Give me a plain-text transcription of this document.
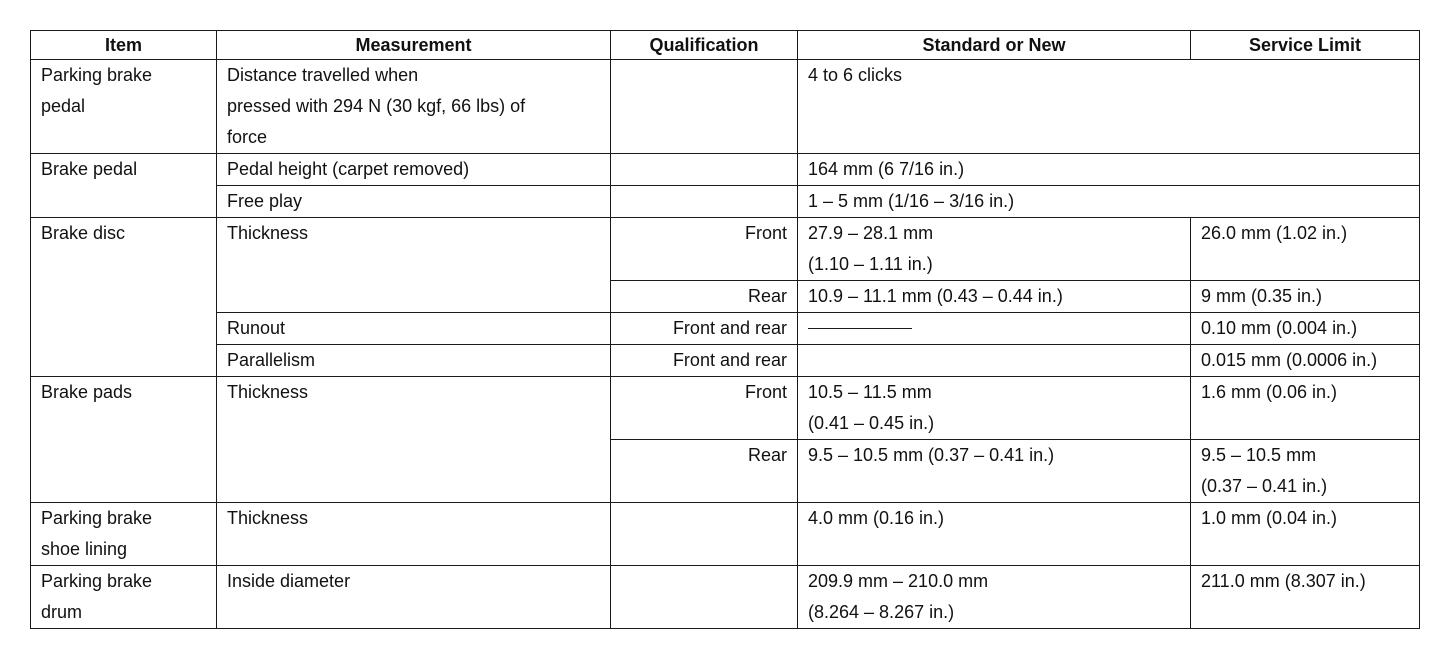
Item	Measurement	Qualification	Standard or New	Service Limit

Parking brake
pedal	Distance travelled when
pressed with 294 N (30 kgf, 66 lbs) of
force		4 to 6 clicks	
Brake pedal	Pedal height (carpet removed)		164 mm (6 7/16 in.)	
	Free play		1 – 5 mm (1/16 – 3/16 in.)	
Brake disc	Thickness	Front	27.9 – 28.1 mm
(1.10 – 1.11 in.)	26.0 mm (1.02 in.)
		Rear	10.9 – 11.1 mm (0.43 – 0.44 in.)	9 mm (0.35 in.)
	Runout	Front and rear		0.10 mm (0.004 in.)
	Parallelism	Front and rear		0.015 mm (0.0006 in.)
Brake pads	Thickness	Front	10.5 – 11.5 mm
(0.41 – 0.45 in.)	1.6 mm (0.06 in.)
		Rear	9.5 – 10.5 mm (0.37 – 0.41 in.)	9.5 – 10.5 mm
(0.37 – 0.41 in.)

Parking brake
shoe lining	Thickness		4.0 mm (0.16 in.)	1.0 mm (0.04 in.)

Parking brake
drum	Inside diameter		209.9 mm – 210.0 mm
(8.264 – 8.267 in.)	211.0 mm (8.307 in.)
